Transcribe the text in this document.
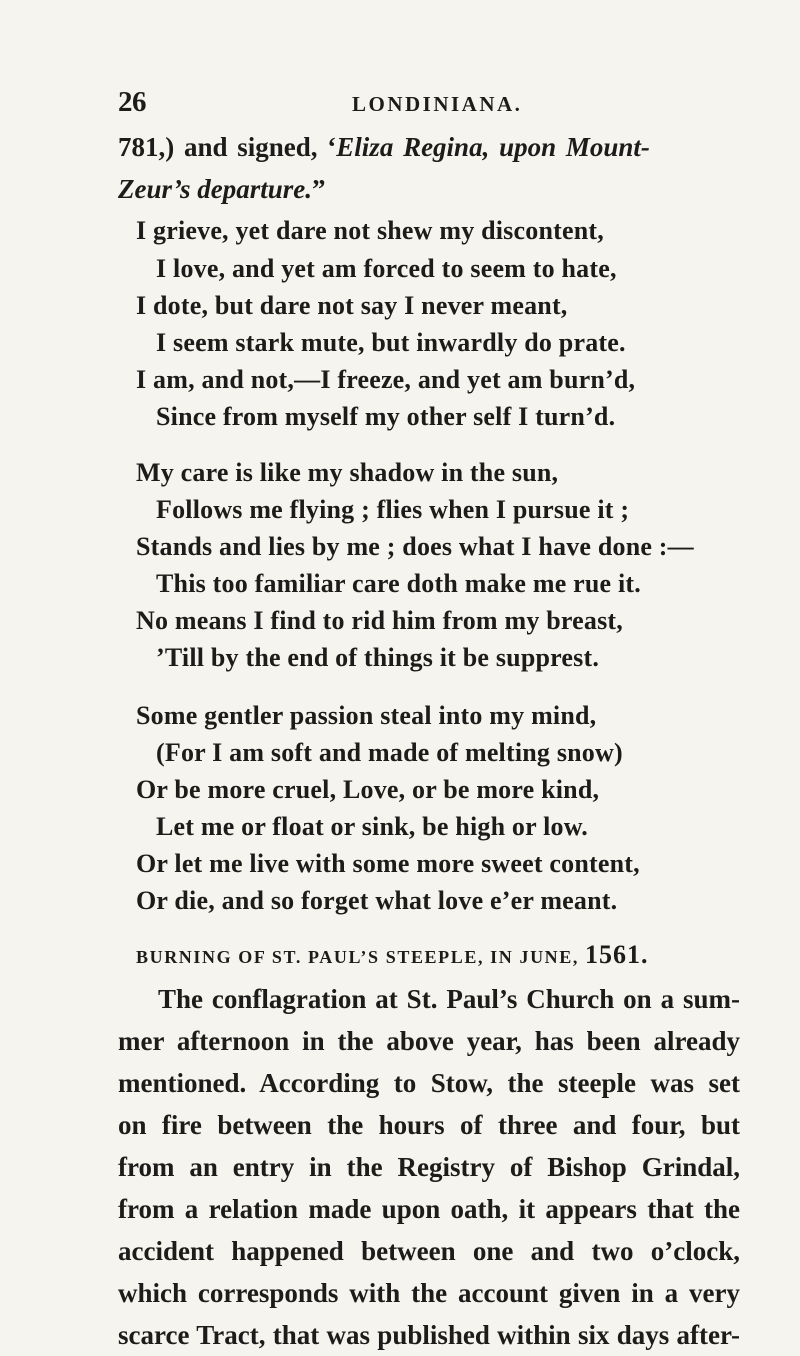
26	LONDINIANA.
781,) and signed, ‘Eliza Regina, upon Mount-
Zeur’s departure.”
I grieve, yet dare not shew my discontent,
I love, and yet am forced to seem to hate,
I dote, but dare not say I never meant,
I seem stark mute, but inwardly do prate.
I am, and not,—I freeze, and yet am burn’d,
Since from myself my other self I turn’d.
My care is like my shadow in the sun,
Follows me flying ; flies when I pursue it ;
Stands and lies by me ; does what I have done :—
This too familiar care doth make me rue it.
No means I find to rid him from my breast,
’Till by the end of things it be supprest.
Some gentler passion steal into my mind,
(For I am soft and made of melting snow)
Or be more cruel, Love, or be more kind,
Let me or float or sink, be high or low.
Or let me live with some more sweet content,
Or die, and so forget what love e’er meant.
BURNING OF ST. PAUL’S STEEPLE, IN JUNE, 1561.
The conflagration at St. Paul’s Church on a sum-
mer afternoon in the above year, has been already
mentioned. According to Stow, the steeple was set
on fire between the hours of three and four, but
from an entry in the Registry of Bishop Grindal,
from a relation made upon oath, it appears that the
accident happened between one and two o’clock,
which corresponds with the account given in a very
scarce Tract, that was published within six days after-
